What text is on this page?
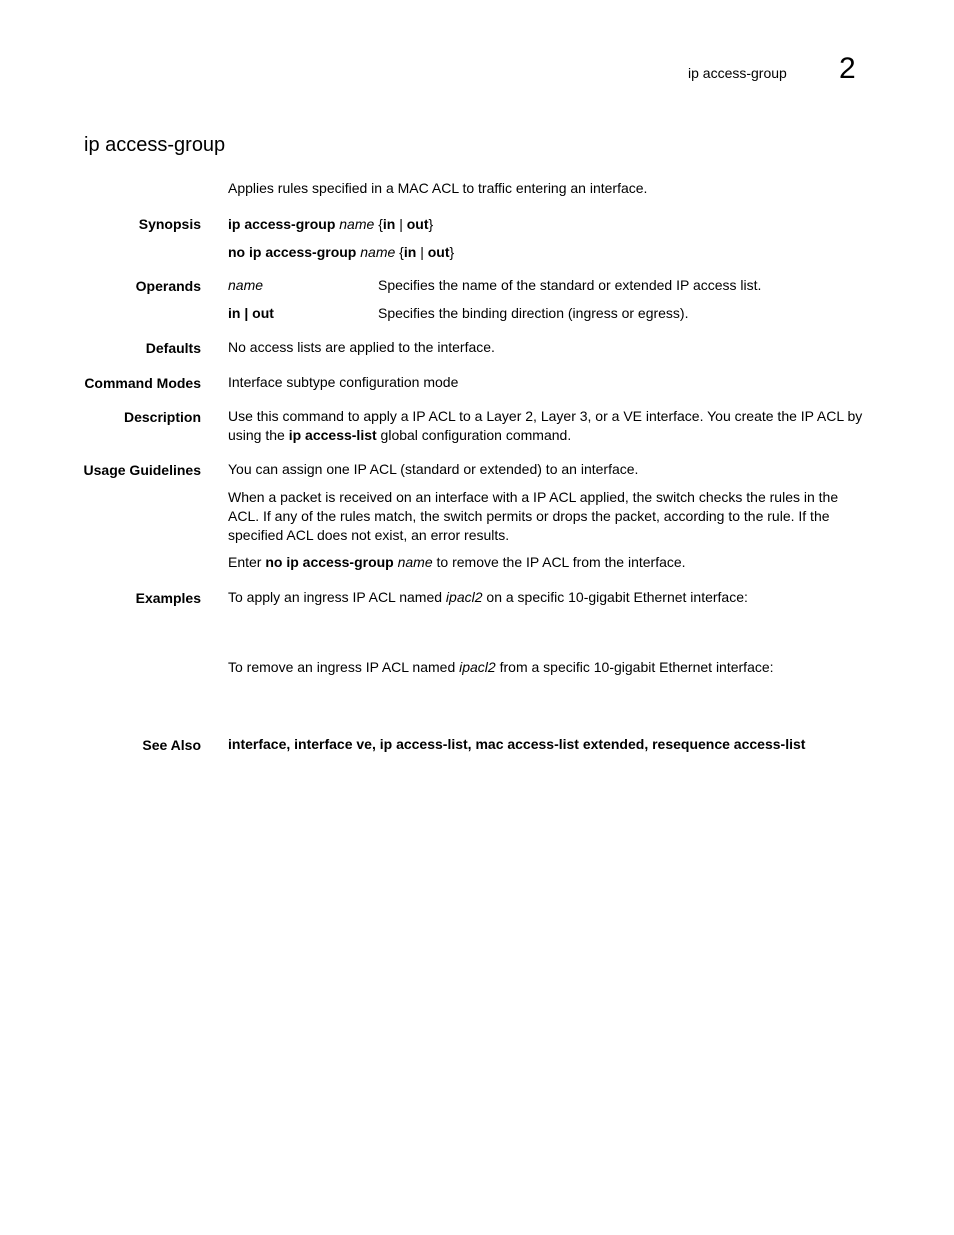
ip access-group 2
ip access-group
Applies rules specified in a MAC ACL to traffic entering an interface.
Synopsis ip access-group name {in | out}
no ip access-group name {in | out}
Operands name	Specifies the name of the standard or extended IP access list.
in | out	Specifies the binding direction (ingress or egress).
Defaults No access lists are applied to the interface.
Command Modes Interface subtype configuration mode
Description Use this command to apply a IP ACL to a Layer 2, Layer 3, or a VE interface. You create the IP ACL by using the ip access-list global configuration command.
Usage Guidelines You can assign one IP ACL (standard or extended) to an interface.
When a packet is received on an interface with a IP ACL applied, the switch checks the rules in the ACL. If any of the rules match, the switch permits or drops the packet, according to the rule. If the specified ACL does not exist, an error results.
Enter no ip access-group name to remove the IP ACL from the interface.
Examples To apply an ingress IP ACL named ipacl2 on a specific 10-gigabit Ethernet interface:
To remove an ingress IP ACL named ipacl2 from a specific 10-gigabit Ethernet interface:
See Also interface, interface ve, ip access-list, mac access-list extended, resequence access-list
